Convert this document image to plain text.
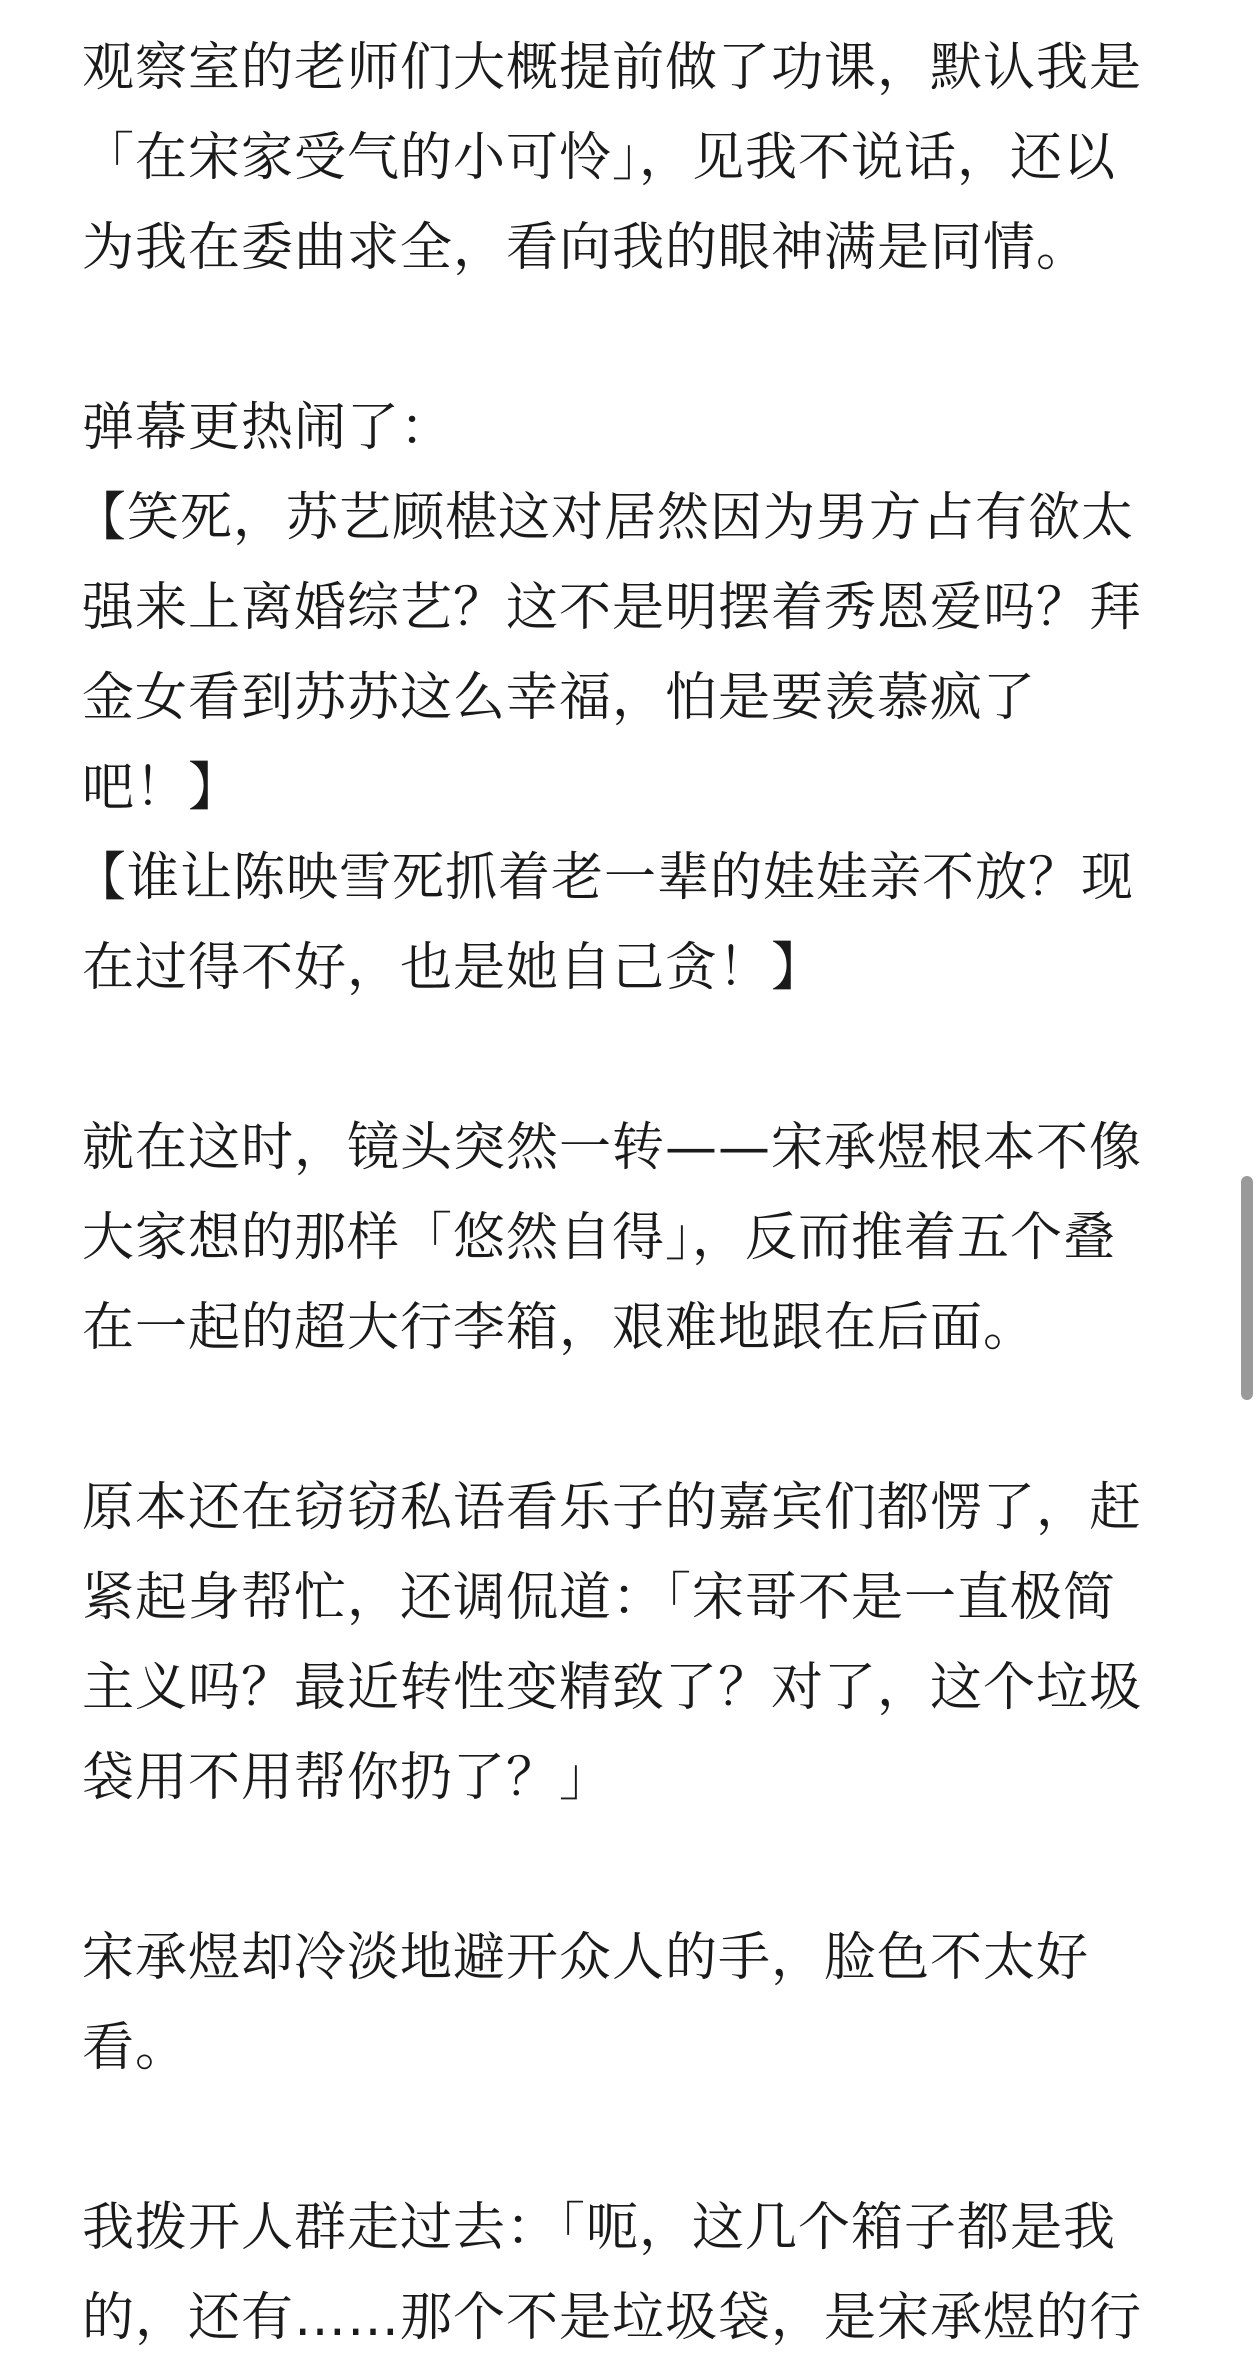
观察室的老师们大概提前做了功课，默认我是
「在宋家受气的小可怜」，见我不说话，还以
为我在委曲求全，看向我的眼神满是同情。
弹幕更热闹了：
【笑死，苏艺顾椹这对居然因为男方占有欲太
强来上离婚综艺？这不是明摆着秀恩爱吗？拜
金女看到苏苏这么幸福，怕是要羡慕疯了
吧！】
【谁让陈映雪死抓着老一辈的娃娃亲不放？现
在过得不好，也是她自己贪！】
就在这时，镜头突然一转——宋承煜根本不像
大家想的那样「悠然自得」，反而推着五个叠
在一起的超大行李箱，艰难地跟在后面。
原本还在窃窃私语看乐子的嘉宾们都愣了，赶
紧起身帮忙，还调侃道：「宋哥不是一直极简
主义吗？最近转性变精致了？对了，这个垃圾
袋用不用帮你扔了？」
宋承煜却冷淡地避开众人的手，脸色不太好
看。
我拨开人群走过去：「呃，这几个箱子都是我
的，还有……那个不是垃圾袋，是宋承煜的行
